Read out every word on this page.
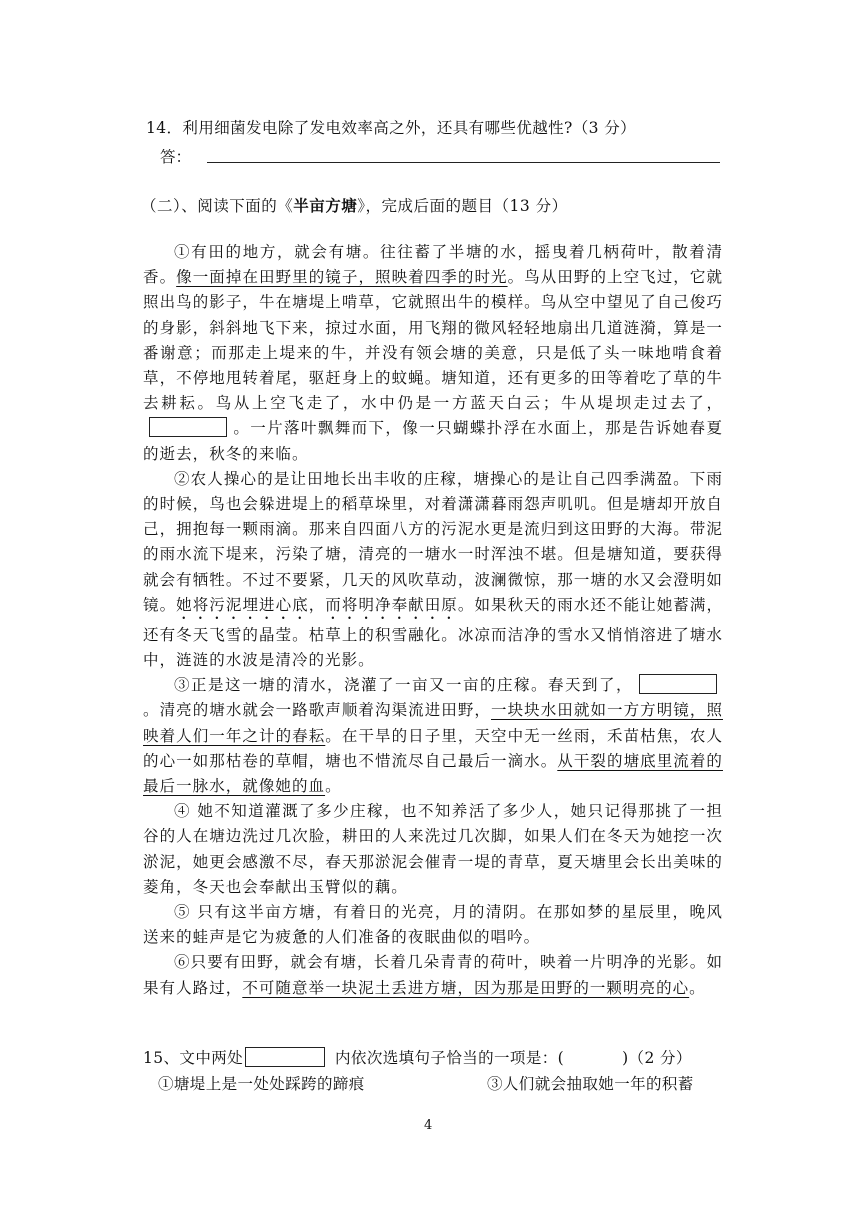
14．利用细菌发电除了发电效率高之外，还具有哪些优越性?（3 分）
答：
（二）、阅读下面的《半亩方塘》，完成后面的题目（13 分）

①有田的地方，就会有塘。往往蓄了半塘的水，摇曳着几柄荷叶，散着清香。像一面掉在田野里的镜子，照映着四季的时光。鸟从田野的上空飞过，它就照出鸟的影子，牛在塘堤上啃草，它就照出牛的模样。鸟从空中望见了自己俊巧的身影，斜斜地飞下来，掠过水面，用飞翔的微风轻轻地扇出几道涟漪，算是一番谢意；而那走上堤来的牛，并没有领会塘的美意，只是低了头一味地啃食着草，不停地甩转着尾，驱赶身上的蚊蝇。塘知道，还有更多的田等着吃了草的牛去耕耘。鸟从上空飞走了，水中仍是一方蓝天白云；牛从堤坝走过去了，。一片落叶飘舞而下，像一只蝴蝶扑浮在水面上，那是告诉她春夏的逝去，秋冬的来临。

②农人操心的是让田地长出丰收的庄稼，塘操心的是让自己四季满盈。下雨的时候，鸟也会躲进堤上的稻草垛里，对着潇潇暮雨怨声叽叽。但是塘却开放自己，拥抱每一颗雨滴。那来自四面八方的污泥水更是流归到这田野的大海。带泥的雨水流下堤来，污染了塘，清亮的一塘水一时浑浊不堪。但是塘知道，要获得就会有牺牲。不过不要紧，几天的风吹草动，波澜微惊，那一塘的水又会澄明如镜。她将污泥埋进心底，而将明净奉献田原。如果秋天的雨水还不能让她蓄满，还有冬天飞雪的晶莹。枯草上的积雪融化。冰凉而洁净的雪水又悄悄溶进了塘水中，涟涟的水波是清冷的光影。

③正是这一塘的清水，浇灌了一亩又一亩的庄稼。春天到了，。清亮的塘水就会一路歌声顺着沟渠流进田野，一块块水田就如一方方明镜，照映着人们一年之计的春耘。在干旱的日子里，天空中无一丝雨，禾苗枯焦，农人的心一如那枯卷的草帽，塘也不惜流尽自己最后一滴水。从干裂的塘底里流着的最后一脉水，就像她的血。

④ 她不知道灌溉了多少庄稼，也不知养活了多少人，她只记得那挑了一担谷的人在塘边洗过几次脸，耕田的人来洗过几次脚，如果人们在冬天为她挖一次淤泥，她更会感激不尽，春天那淤泥会催青一堤的青草，夏天塘里会长出美味的菱角，冬天也会奉献出玉臂似的藕。

⑤ 只有这半亩方塘，有着日的光亮，月的清阴。在那如梦的星辰里，晚风送来的蛙声是它为疲惫的人们准备的夜眠曲似的唱吟。

⑥只要有田野，就会有塘，长着几朵青青的荷叶，映着一片明净的光影。如果有人路过，不可随意举一块泥土丢进方塘，因为那是田野的一颗明亮的心。

15、文中两处	内依次选填句子恰当的一项是：(	)（2 分）
①塘堤上是一处处踩跨的蹄痕	③人们就会抽取她一年的积蓄
4
